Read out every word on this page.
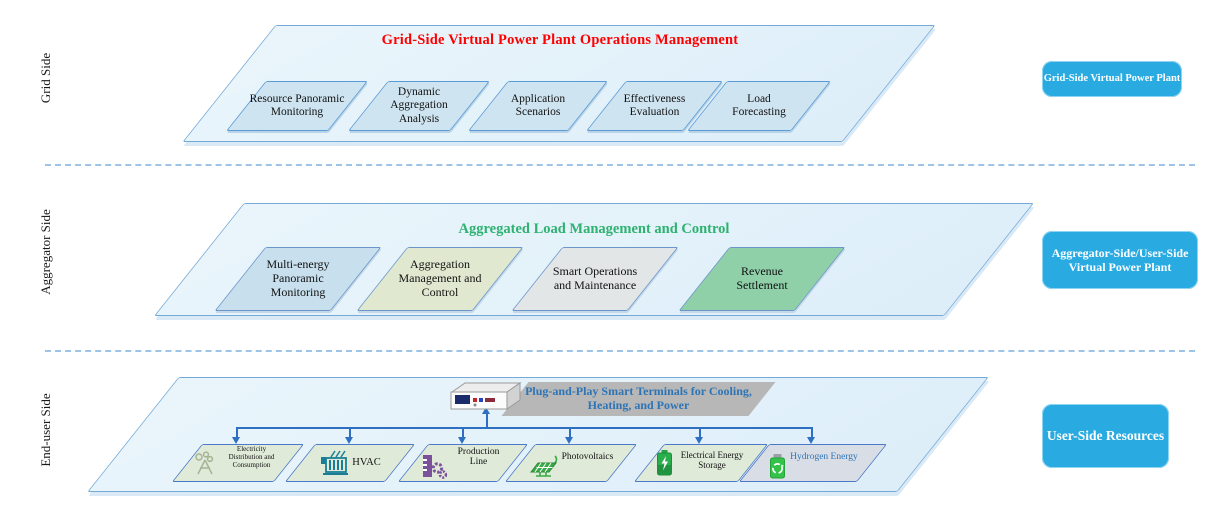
Grid Side
Aggregator Side
End-user Side
Grid-Side Virtual Power Plant Operations Management
Resource Panoramic Monitoring
Dynamic Aggregation Analysis
Application Scenarios
Effectiveness Evaluation
Load Forecasting
Aggregated Load Management and Control
Multi-energy Panoramic Monitoring
Aggregation Management and Control
Smart Operations and Maintenance
Revenue Settlement
Plug-and-Play Smart Terminals for Cooling, Heating, and Power
Electricity Distribution and Consumption	HVAC
Production Line
Photovoltaics	Electrical Energy Storage
Hydrogen Energy
Grid-Side Virtual Power Plant
Aggregator-Side/User-Side Virtual Power Plant
User-Side Resources
